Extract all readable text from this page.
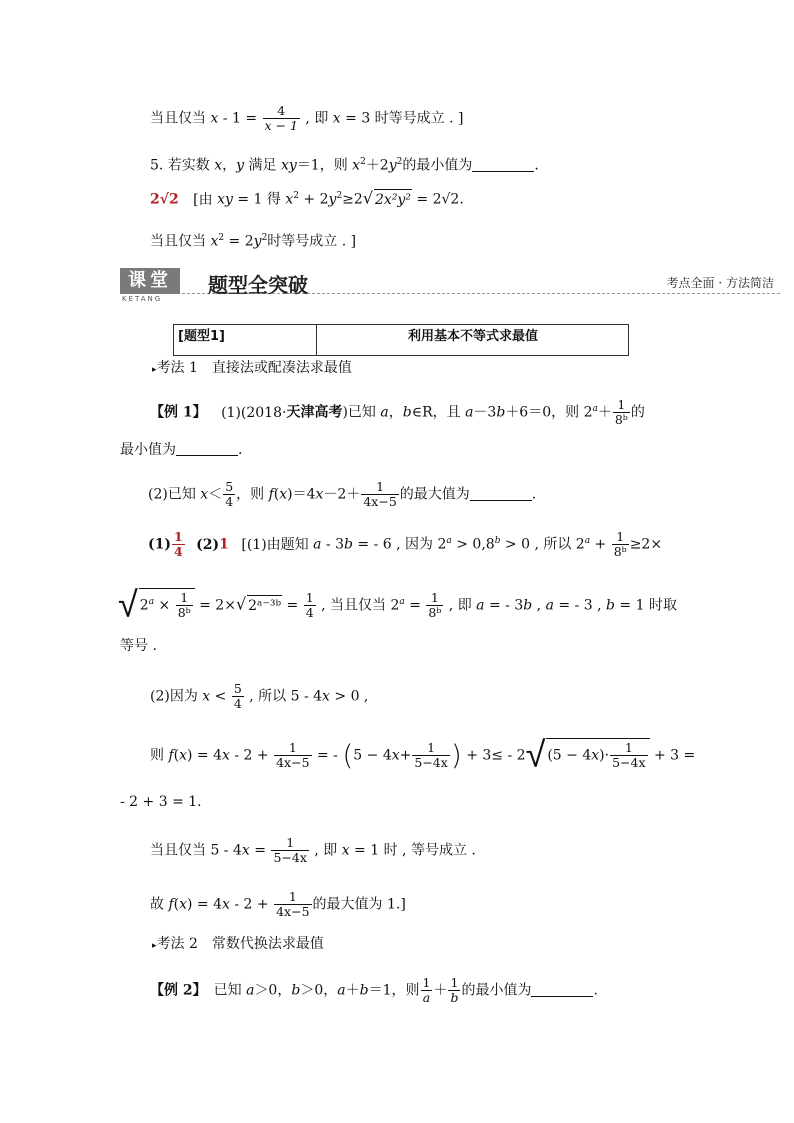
当且仅当 $x - 1 = \frac{4}{x - 1}$ , 即 x = 3 时等号成立 . ]
5. 若实数 x，y 满足 xy＝1，则 $x^2+2y^2$的最小值为	.
2√2 [由 xy = 1 得 $x^2 + 2y^2\ge 2√$ 2x²y² = 2√2.
当且仅当 $x^2 = 2y^2$时等号成立 . ]
课堂
KETANG
题型全突破	考点全面 · 方法简洁
[题型1]	利用基本不等式求最值
▸考法 1　直接法或配凑法求最值
【例 1】 (1)(2018·天津高考)已知 a，b∈R，且 a－3b＋6＝0，则 $2^a+ \frac{1}{\text{8ᵇ}}$ 的
最小值为	.
(2)已知 $x< \frac{5}{4}$ ，则 $f(x)=4x-2+ \frac{1}{4x-5}$ 的最大值为	.
$(1) \frac{1}{4} (2)1$ [(1)由题知 a - 3b = - 6 , 因为 $2^a > 0,8^b > 0$ , 所以 $2^a + \frac{1}{\text{8ᵇ}} \ge 2\times$
√ $2^a \times \frac{1}{\text{8ᵇ}} = 2\times√$ 2ᵃ⁻³ᵇ = $\frac{1}{4}$ , 当且仅当 $2^a = \frac{1}{\text{8ᵇ}}$ , 即 a = - 3b , a = - 3 , b = 1 时取
等号 .
(2)因为 $x < \frac{5}{4}$ , 所以 5 - 4x > 0 ,
则 $f(x) = 4x - 2 + \frac{1}{4x-5}$ = - ($5 - 4x+ \frac{1}{5-4x}$ ) + 3≤ - 2√ $(5 - 4x)\cdot \frac{1}{5-4x} + 3$ =
- 2 + 3 = 1.
当且仅当 $5 - 4x = \frac{1}{5-4x}$ , 即 x = 1 时 , 等号成立 .
故 $f(x) = 4x - 2 + \frac{1}{4x-5}$ 的最大值为 1.]
▸考法 2　常数代换法求最值
【例 2】　已知 a＞0，b＞0，a＋b＝1，则 $\frac{1}{a} + \frac{1}{b}$ 的最小值为	.
